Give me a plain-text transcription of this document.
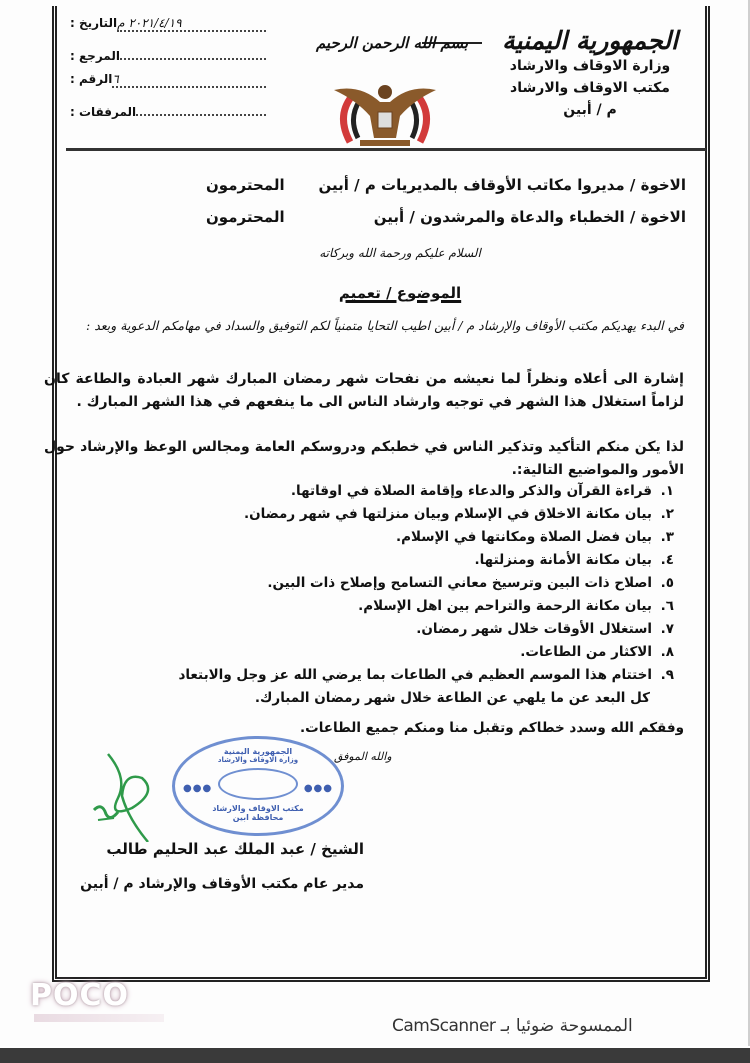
الجمهورية اليمنية
وزارة الاوقاف والارشاد
مكتب الاوقاف والارشاد
م / أبين
بسم الله الرحمن الرحيم
التاريخ : ٢٠٢١/٤/١٩ م
المرجع :
الرقم : ٦
المرفقات :
الاخوة / مديروا مكاتب الأوقاف بالمديريات م / أبين
المحترمون
الاخوة / الخطباء والدعاة والمرشدون / أبين
المحترمون
السلام عليكم ورحمة الله وبركاته
الموضوع / تعميم
في البدء يهديكم مكتب الأوقاف والإرشاد م / أبين اطيب التحايا متمنياً لكم التوفيق والسداد في مهامكم الدعوية وبعد :
إشارة الى أعلاه ونظراً لما نعيشه من نفحات شهر رمضان المبارك شهر العبادة والطاعة كان لزاماً استغلال هذا الشهر في توجيه وارشاد الناس الى ما ينفعهم في هذا الشهر المبارك .
لذا يكن منكم التأكيد وتذكير الناس في خطبكم ودروسكم العامة ومجالس الوعظ والإرشاد حول الأمور والمواضيع التالية:.
١.قراءة القرآن والذكر والدعاء وإقامة الصلاة في اوقاتها.
٢.بيان مكانة الاخلاق في الإسلام وبيان منزلتها في شهر رمضان.
٣.بيان فضل الصلاة ومكانتها في الإسلام.
٤.بيان مكانة الأمانة ومنزلتها.
٥.اصلاح ذات البين وترسيخ معاني التسامح وإصلاح ذات البين.
٦.بيان مكانة الرحمة والتراحم بين اهل الإسلام.
٧.استغلال الأوقات خلال شهر رمضان.
٨.الاكثار من الطاعات.
٩.اختتام هذا الموسم العظيم في الطاعات بما يرضي الله عز وجل والابتعاد
كل البعد عن ما يلهي عن الطاعة خلال شهر رمضان المبارك.
وفقكم الله وسدد خطاكم وتقبل منا ومنكم جميع الطاعات.
والله الموفق
الجمهورية اليمنية
وزارة الاوقاف والارشاد
●●●	●●●
مكتب الاوقاف والارشاد
محافظة ابين
الشيخ / عبد الملك عبد الحليم طالب
مدير عام مكتب الأوقاف والإرشاد م / أبين
POCO
الممسوحة ضوئيا بـ CamScanner
